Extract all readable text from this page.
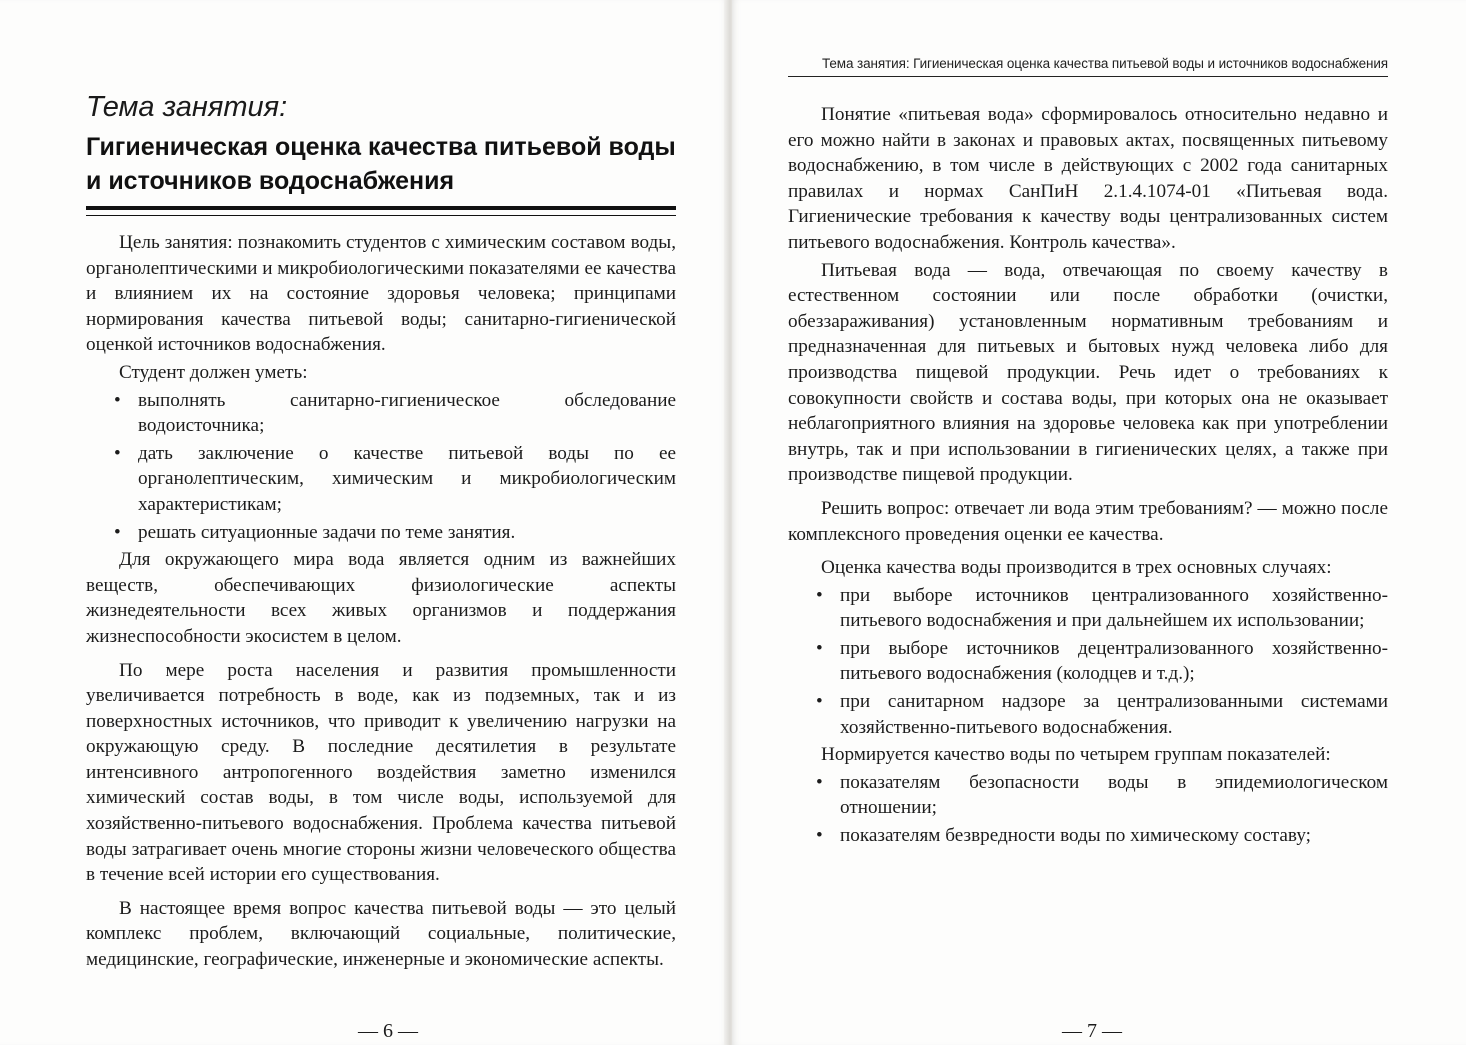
Тема занятия:

Гигиеническая оценка качества питьевой воды

и источников водоснабжения

Цель занятия: познакомить студентов с химическим составом воды, органолептическими и микробиологическими показателями ее качества и влиянием их на состояние здоровья человека; принципами нормирования качества питьевой воды; санитарно-гигиенической оценкой источников водоснабжения.

Студент должен уметь:

• выполнять санитарно-гигиеническое обследование водоисточника;
• дать заключение о качестве питьевой воды по ее органолептическим, химическим и микробиологическим характеристикам;
• решать ситуационные задачи по теме занятия.

Для окружающего мира вода является одним из важнейших веществ, обеспечивающих физиологические аспекты жизнедеятельности всех живых организмов и поддержания жизнеспособности экосистем в целом.

По мере роста населения и развития промышленности увеличивается потребность в воде, как из подземных, так и из поверхностных источников, что приводит к увеличению нагрузки на окружающую среду. В последние десятилетия в результате интенсивного антропогенного воздействия заметно изменился химический состав воды, в том числе воды, используемой для хозяйственно-питьевого водоснабжения. Проблема качества питьевой воды затрагивает очень многие стороны жизни человеческого общества в течение всей истории его существования.

В настоящее время вопрос качества питьевой воды — это целый комплекс проблем, включающий социальные, политические, медицинские, географические, инженерные и экономические аспекты.

— 6 —
Тема занятия: Гигиеническая оценка качества питьевой воды и источников водоснабжения

Понятие «питьевая вода» сформировалось относительно недавно и его можно найти в законах и правовых актах, посвященных питьевому водоснабжению, в том числе в действующих с 2002 года санитарных правилах и нормах СанПиН 2.1.4.1074-01 «Питьевая вода. Гигиенические требования к качеству воды централизованных систем питьевого водоснабжения. Контроль качества».

Питьевая вода — вода, отвечающая по своему качеству в естественном состоянии или после обработки (очистки, обеззараживания) установленным нормативным требованиям и предназначенная для питьевых и бытовых нужд человека либо для производства пищевой продукции. Речь идет о требованиях к совокупности свойств и состава воды, при которых она не оказывает неблагоприятного влияния на здоровье человека как при употреблении внутрь, так и при использовании в гигиенических целях, а также при производстве пищевой продукции.

Решить вопрос: отвечает ли вода этим требованиям? — можно после комплексного проведения оценки ее качества.

Оценка качества воды производится в трех основных случаях:

• при выборе источников централизованного хозяйственно-питьевого водоснабжения и при дальнейшем их использовании;
• при выборе источников децентрализованного хозяйственно-питьевого водоснабжения (колодцев и т.д.);
• при санитарном надзоре за централизованными системами хозяйственно-питьевого водоснабжения.

Нормируется качество воды по четырем группам показателей:

• показателям безопасности воды в эпидемиологическом отношении;
• показателям безвредности воды по химическому составу;
— 7 —
